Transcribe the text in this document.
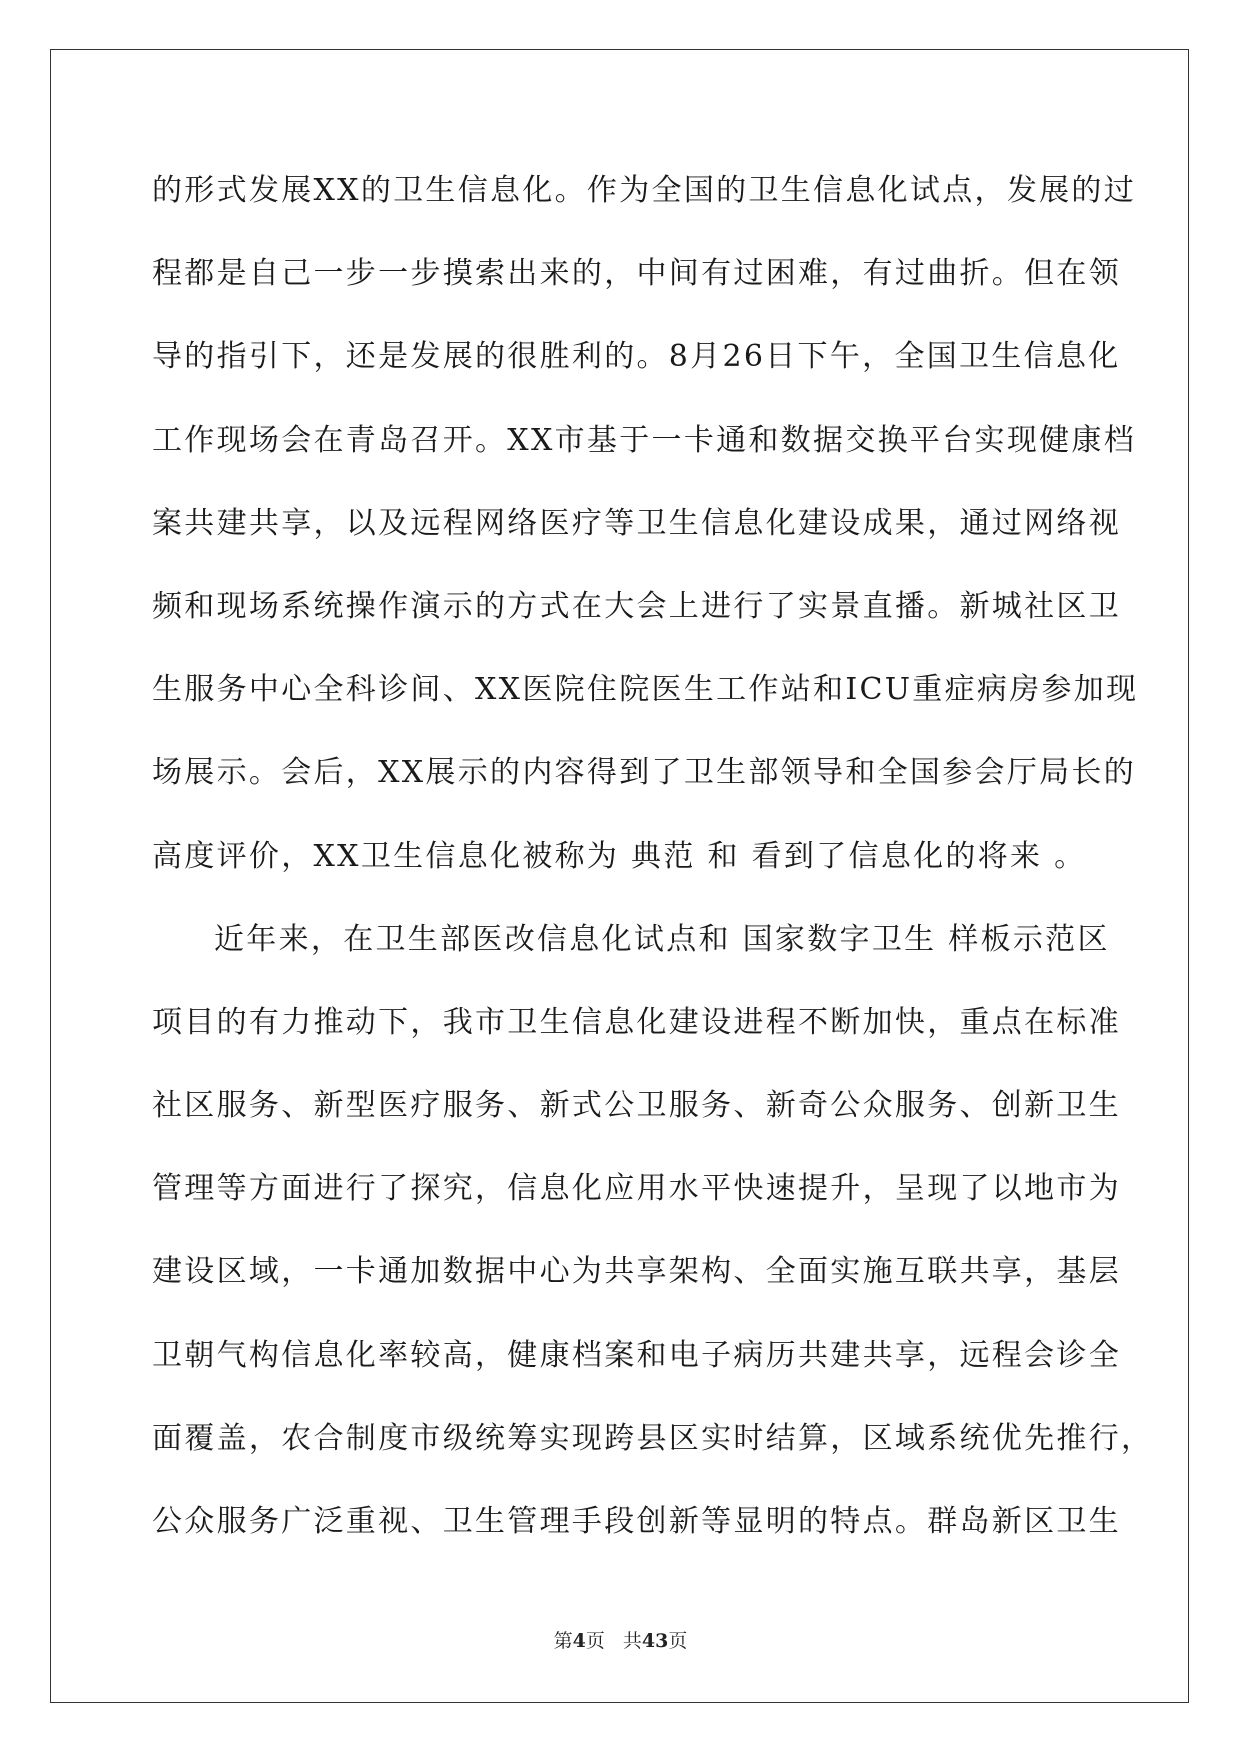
的形式发展XX的卫生信息化。作为全国的卫生信息化试点，发展的过
程都是自己一步一步摸索出来的，中间有过困难，有过曲折。但在领
导的指引下，还是发展的很胜利的。8月26日下午，全国卫生信息化
工作现场会在青岛召开。XX市基于一卡通和数据交换平台实现健康档
案共建共享，以及远程网络医疗等卫生信息化建设成果，通过网络视
频和现场系统操作演示的方式在大会上进行了实景直播。新城社区卫
生服务中心全科诊间、XX医院住院医生工作站和ICU重症病房参加现
场展示。会后，XX展示的内容得到了卫生部领导和全国参会厅局长的
高度评价，XX卫生信息化被称为 典范 和 看到了信息化的将来 。
近年来，在卫生部医改信息化试点和 国家数字卫生 样板示范区
项目的有力推动下，我市卫生信息化建设进程不断加快，重点在标准
社区服务、新型医疗服务、新式公卫服务、新奇公众服务、创新卫生
管理等方面进行了探究，信息化应用水平快速提升，呈现了以地市为
建设区域，一卡通加数据中心为共享架构、全面实施互联共享，基层
卫朝气构信息化率较高，健康档案和电子病历共建共享，远程会诊全
面覆盖，农合制度市级统筹实现跨县区实时结算，区域系统优先推行，
公众服务广泛重视、卫生管理手段创新等显明的特点。群岛新区卫生
第4页 共43页
